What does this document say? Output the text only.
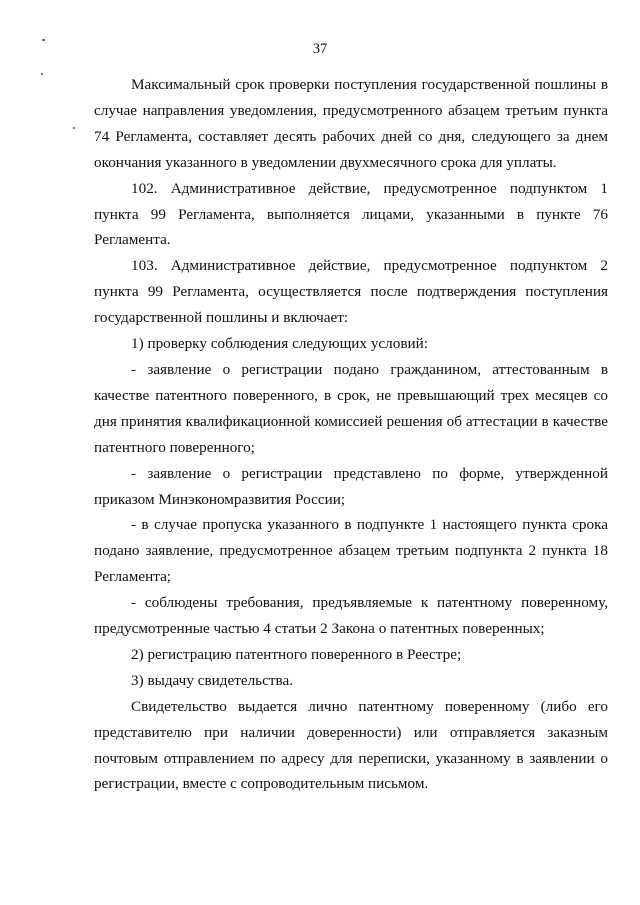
37

Максимальный срок проверки поступления государственной пошлины в случае направления уведомления, предусмотренного абзацем третьим пункта 74 Регламента, составляет десять рабочих дней со дня, следующего за днем окончания указанного в уведомлении двухмесячного срока для уплаты.

102. Административное действие, предусмотренное подпунктом 1 пункта 99 Регламента, выполняется лицами, указанными в пункте 76 Регламента.

103. Административное действие, предусмотренное подпунктом 2 пункта 99 Регламента, осуществляется после подтверждения поступления государственной пошлины и включает:

1) проверку соблюдения следующих условий:

- заявление о регистрации подано гражданином, аттестованным в качестве патентного поверенного, в срок, не превышающий трех месяцев со дня принятия квалификационной комиссией решения об аттестации в качестве патентного поверенного;

- заявление о регистрации представлено по форме, утвержденной приказом Минэкономразвития России;

- в случае пропуска указанного в подпункте 1 настоящего пункта срока подано заявление, предусмотренное абзацем третьим подпункта 2 пункта 18 Регламента;

- соблюдены требования, предъявляемые к патентному поверенному, предусмотренные частью 4 статьи 2 Закона о патентных поверенных;

2) регистрацию патентного поверенного в Реестре;

3) выдачу свидетельства.

Свидетельство выдается лично патентному поверенному (либо его представителю при наличии доверенности) или отправляется заказным почтовым отправлением по адресу для переписки, указанному в заявлении о регистрации, вместе с сопроводительным письмом.
